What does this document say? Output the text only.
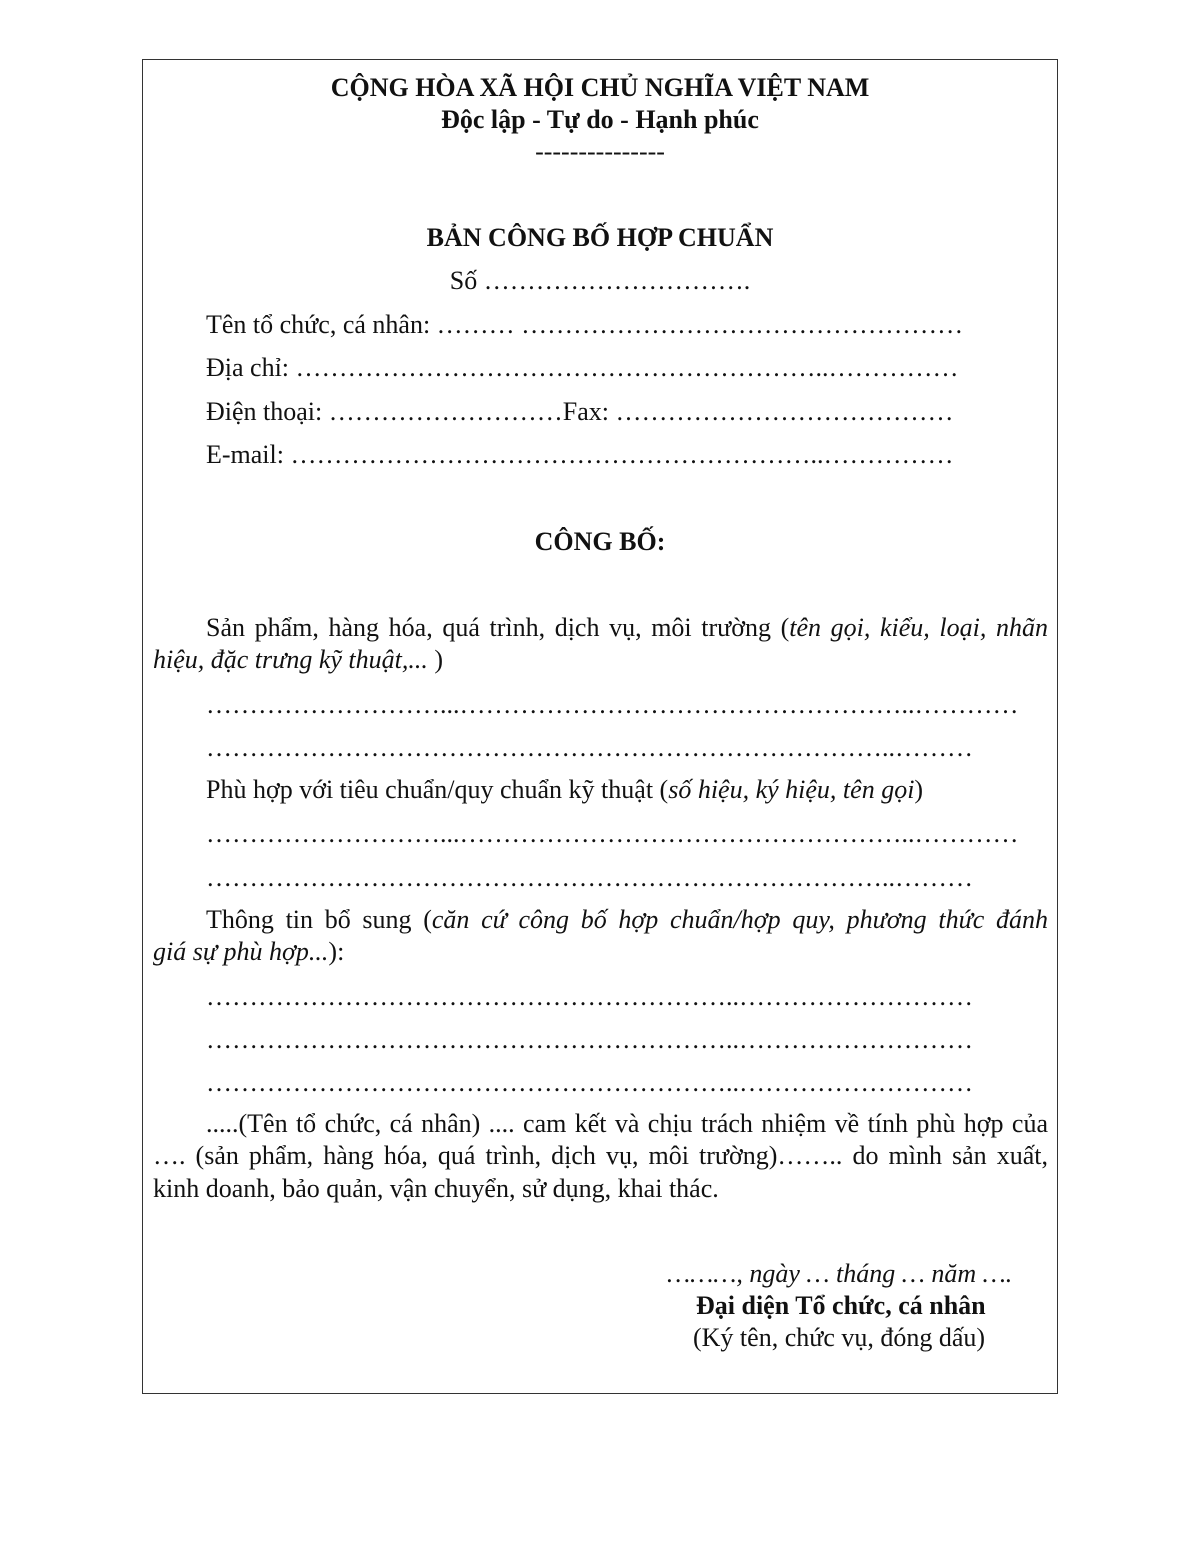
CỘNG HÒA XÃ HỘI CHỦ NGHĨA VIỆT NAM
Độc lập - Tự do - Hạnh phúc
---------------
BẢN CÔNG BỐ HỢP CHUẨN
Số ………………………….
Tên tổ chức, cá nhân: ……… ……………………………………………
Địa chỉ: ……………………………………………………..……………
Điện thoại: ………………………Fax: …………………………………
E-mail: ……………………………………………………..……………
CÔNG BỐ:
Sản phẩm, hàng hóa, quá trình, dịch vụ, môi trường (tên gọi, kiểu, loại, nhãn
hiệu, đặc trưng kỹ thuật,... )
………………………...……………………………………………..…………
……………………………………………………………………..………
Phù hợp với tiêu chuẩn/quy chuẩn kỹ thuật (số hiệu, ký hiệu, tên gọi)
………………………...……………………………………………..…………
……………………………………………………………………..………
Thông tin bổ sung (căn cứ công bố hợp chuẩn/hợp quy, phương thức đánh
giá sự phù hợp...):
……………………………………………………..………………………
……………………………………………………..………………………
……………………………………………………..………………………
.....(Tên tổ chức, cá nhân) .... cam kết và chịu trách nhiệm về tính phù hợp của
…. (sản phẩm, hàng hóa, quá trình, dịch vụ, môi trường)…….. do mình sản xuất,
kinh doanh, bảo quản, vận chuyển, sử dụng, khai thác.
………, ngày … tháng … năm ….
Đại diện Tổ chức, cá nhân
(Ký tên, chức vụ, đóng dấu)
